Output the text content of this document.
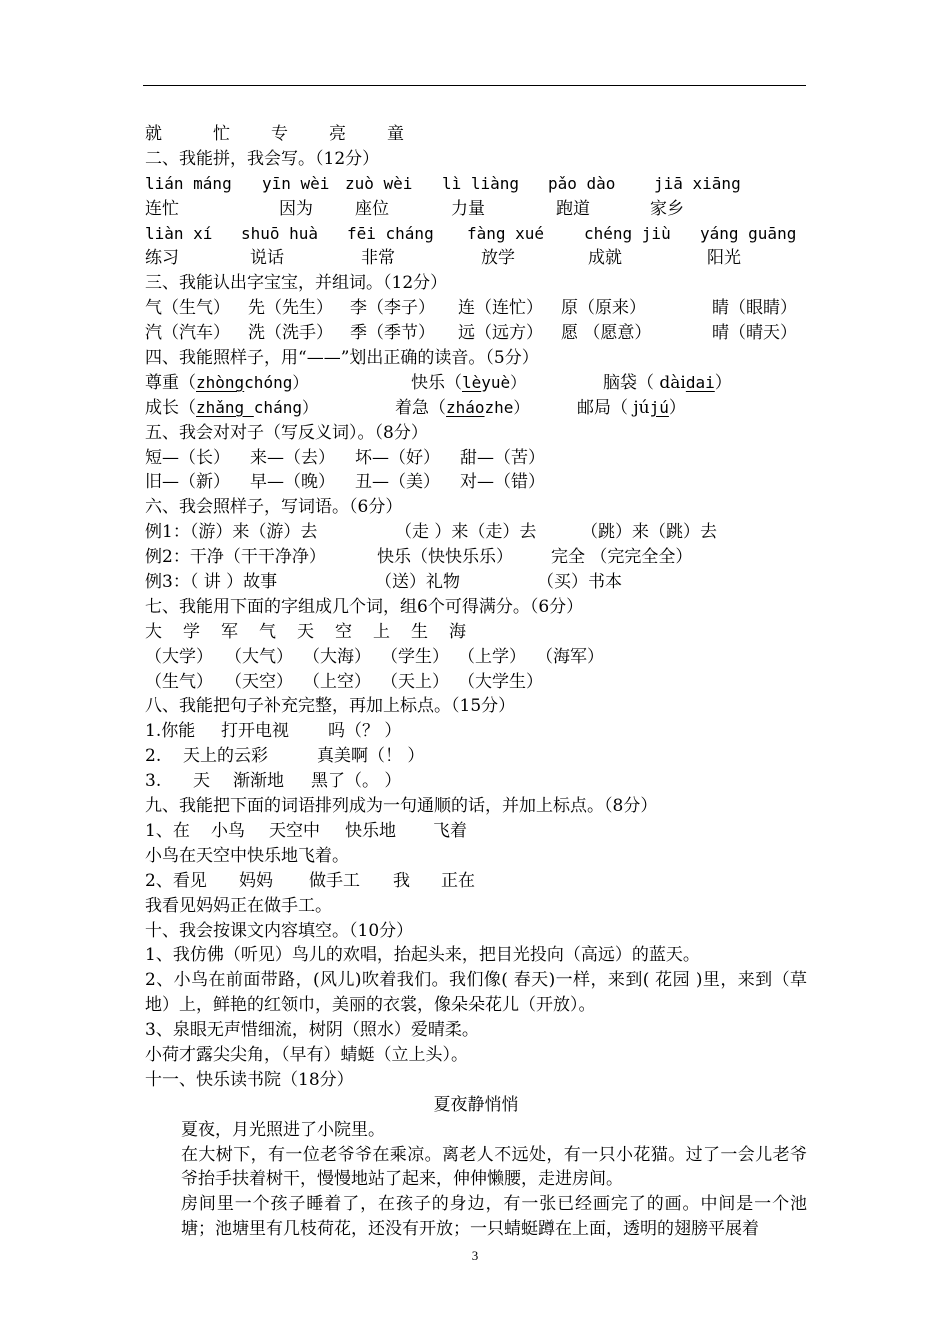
就	忙 专 亮 童
二、我能拼，我会写。（12分）
lián máng yīn wèi zuò wèi lì liàng pǎo dào jiā xiāng
连忙	因为 座位	力量	跑道	家乡
liàn xí shuō huà fēi cháng fàng xué chéng jiù yáng guāng
练习	说话	非常	放学	成就	阳光
三、我能认出字宝宝，并组词。（12分）
气（生气） 先（先生） 李（李子） 连（连忙） 原（原来）	睛（眼睛）
汽（汽车） 洗（洗手） 季（季节） 远（远方） 愿 （愿意）	晴（晴天）
四、我能照样子，用“——”划出正确的读音。（5分）
尊重（zhòngchóng）	快乐（lèyuè）	脑袋（ dàidai）
成长（zhǎng cháng）	着急（zháozhe）	邮局（ jújú）
五、我会对对子（写反义词）。（8分）
短—（长） 来—（去） 坏—（好） 甜—（苦）
旧—（新） 早—（晚） 丑—（美） 对—（错）
六、我会照样子，写词语。（6分）
例1：（游）来（游）去	（走 ）来（走）去	（跳）来（跳）去
例2：干净（干干净净）	快乐（快快乐乐） 完全 （完完全全）
例3：（ 讲 ）故事	（送）礼物	（买）书本
七、我能用下面的字组成几个词，组6个可得满分。（6分）
大 学 军 气 天 空 上 生 海
（大学） （大气） （大海） （学生） （上学） （海军）
（生气） （天空） （上空） （天上） （大学生）
八、我能把句子补充完整，再加上标点。（15分）
1.你能 打开电视 吗（？ ）
2. 天上的云彩	真美啊（！ ）
3. 天 渐渐地 黑了（。 ）
九、我能把下面的词语排列成为一句通顺的话，并加上标点。（8分）
1、在 小鸟 天空中 快乐地 飞着
小鸟在天空中快乐地飞着。
2、看见 妈妈 做手工 我 正在
我看见妈妈正在做手工。
十、我会按课文内容填空。（10分）
1、我仿佛（听见）鸟儿的欢唱，抬起头来，把目光投向（高远）的蓝天。
2、小鸟在前面带路，(风儿)吹着我们。我们像( 春天)一样，来到( 花园 )里，来到（草地）上，鲜艳的红领巾，美丽的衣裳，像朵朵花儿（开放）。
3、泉眼无声惜细流，树阴（照水）爱晴柔。
小荷才露尖尖角，（早有）蜻蜓（立上头）。
十一、快乐读书院（18分）
夏夜静悄悄
夏夜，月光照进了小院里。
在大树下，有一位老爷爷在乘凉。离老人不远处，有一只小花猫。过了一会儿老爷爷抬手扶着树干，慢慢地站了起来，伸伸懒腰，走进房间。
房间里一个孩子睡着了，在孩子的身边，有一张已经画完了的画。中间是一个池塘；池塘里有几枝荷花，还没有开放；一只蜻蜓蹲在上面，透明的翅膀平展着
3
